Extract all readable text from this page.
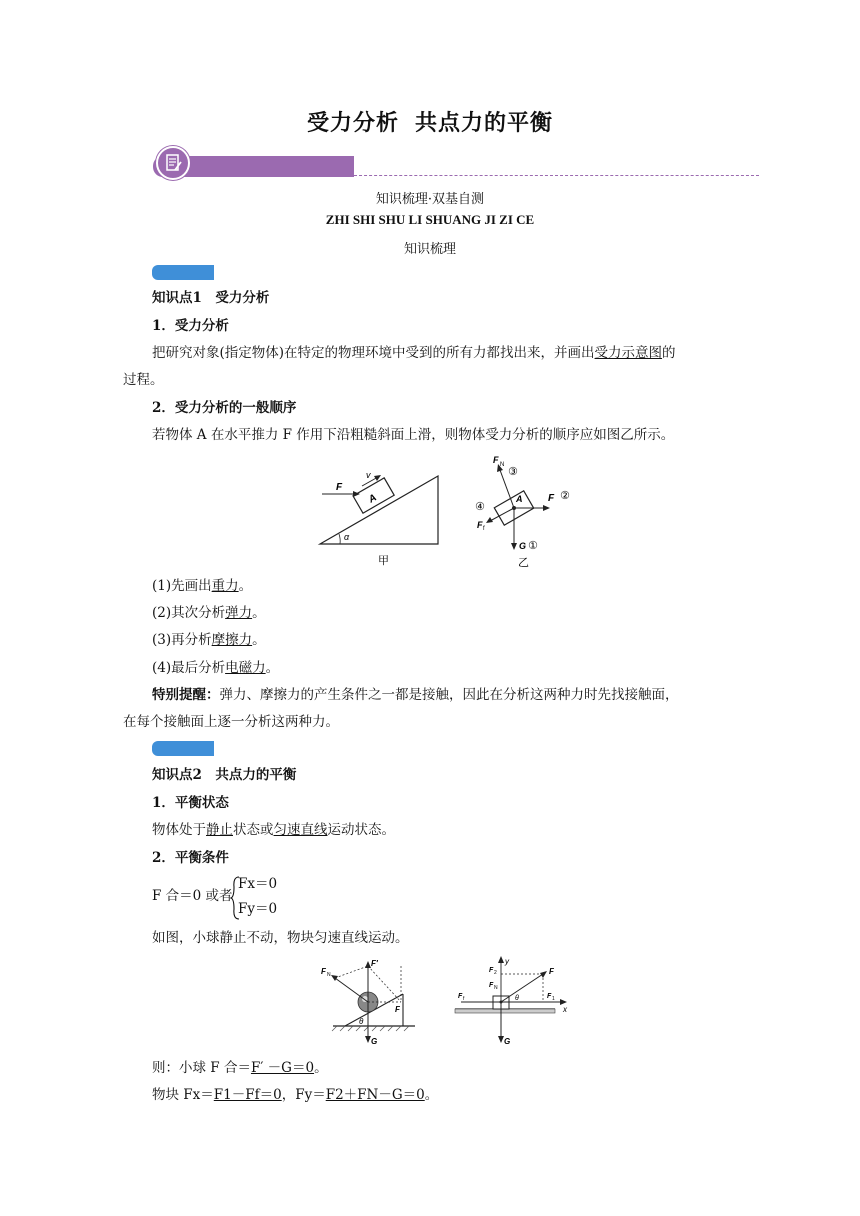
受力分析 共点力的平衡
知识梳理·双基自测
ZHI SHI SHU LI SHUANG JI ZI CE
知识梳理
知识点1　受力分析
1．受力分析
把研究对象(指定物体)在特定的物理环境中受到的所有力都找出来，并画出受力示意图的
过程。
2．受力分析的一般顺序
若物体 A 在水平推力 F 作用下沿粗糙斜面上滑，则物体受力分析的顺序应如图乙所示。
A
F
v
α
甲
A
F N
③
F ②
F f
④
G ①
乙
(1)先画出重力。
(2)其次分析弹力。
(3)再分析摩擦力。
(4)最后分析电磁力。
特别提醒：弹力、摩擦力的产生条件之一都是接触，因此在分析这两种力时先找接触面，
在每个接触面上逐一分析这两种力。
知识点2　共点力的平衡
1．平衡状态
物体处于静止状态或匀速直线运动状态。
2．平衡条件
F 合＝0 或者
Fx＝0
Fy＝0
如图，小球静止不动，物块匀速直线运动。
F N
F′
F
G
θ
x
y
F
F 2
F N
F 1
F f	θ
G
则：小球 F 合＝F′ －G＝0。
物块 Fx＝F1－Ff＝0，Fy＝F2＋FN－G＝0。
